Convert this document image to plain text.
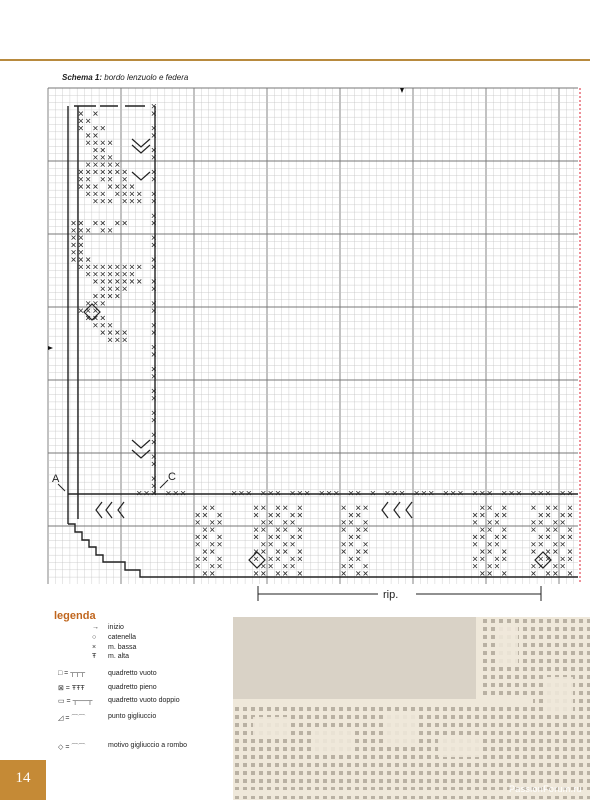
Schema 1: bordo lenzuolo e federa
A	C
rip.
legenda
→ inizio
○ catenella
× m. bassa
Ŧ m. alta
□ = ┬┬┬	quadretto vuoto
⊠ = ŦŦŦ	quadretto pieno
▭ = ┬──┬ quadretto vuoto doppio
◿ = ⌒⌒	punto gigliuccio
◇ = ⌒⌒	motivo gigliuccio a rombo
14
PassionForum.ru
